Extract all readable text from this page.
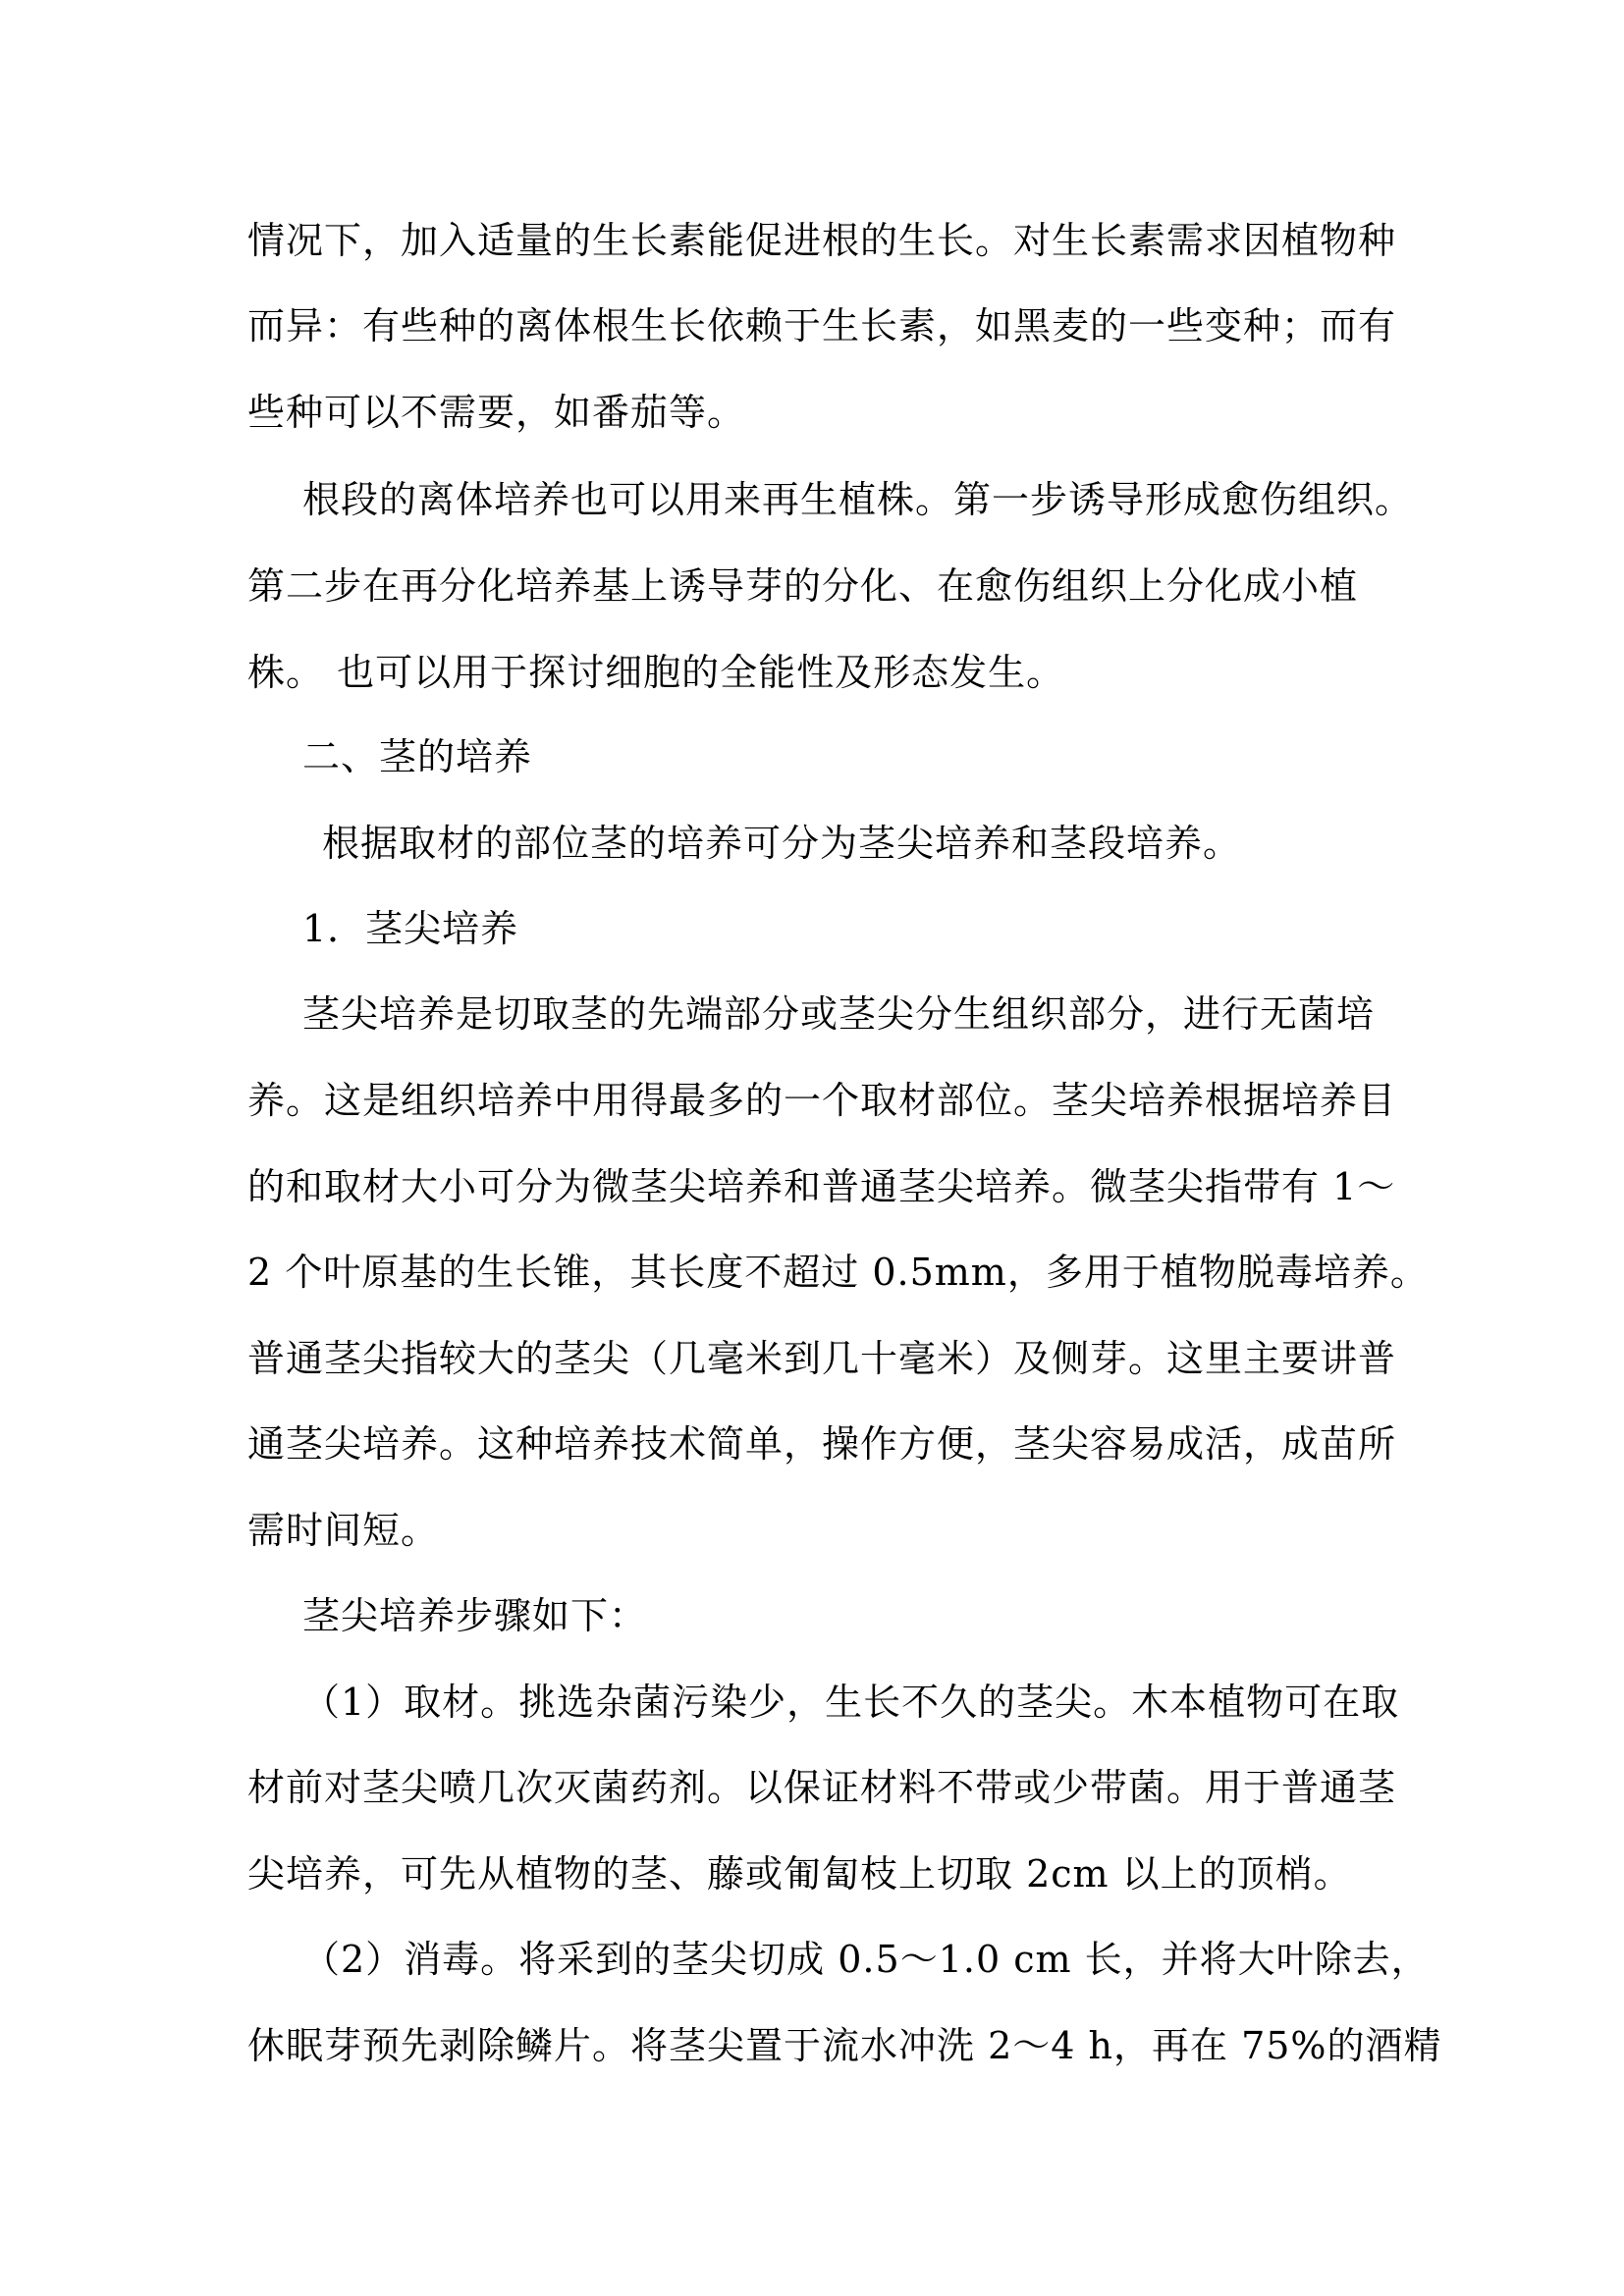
情况下，加入适量的生长素能促进根的生长。对生长素需求因植物种
而异：有些种的离体根生长依赖于生长素，如黑麦的一些变种；而有
些种可以不需要，如番茄等。
根段的离体培养也可以用来再生植株。第一步诱导形成愈伤组织。
第二步在再分化培养基上诱导芽的分化、在愈伤组织上分化成小植
株。 也可以用于探讨细胞的全能性及形态发生。
二、茎的培养
根据取材的部位茎的培养可分为茎尖培养和茎段培养。
1．茎尖培养
茎尖培养是切取茎的先端部分或茎尖分生组织部分，进行无菌培
养。这是组织培养中用得最多的一个取材部位。茎尖培养根据培养目
的和取材大小可分为微茎尖培养和普通茎尖培养。微茎尖指带有 1～
2 个叶原基的生长锥，其长度不超过 0.5mm，多用于植物脱毒培养。
普通茎尖指较大的茎尖（几毫米到几十毫米）及侧芽。这里主要讲普
通茎尖培养。这种培养技术简单，操作方便，茎尖容易成活，成苗所
需时间短。
茎尖培养步骤如下：
（1）取材。挑选杂菌污染少，生长不久的茎尖。木本植物可在取
材前对茎尖喷几次灭菌药剂。以保证材料不带或少带菌。用于普通茎
尖培养，可先从植物的茎、藤或匍匐枝上切取 2cm 以上的顶梢。
（2）消毒。将采到的茎尖切成 0.5～1.0 cm 长，并将大叶除去，
休眠芽预先剥除鳞片。将茎尖置于流水冲洗 2～4 h，再在 75%的酒精
